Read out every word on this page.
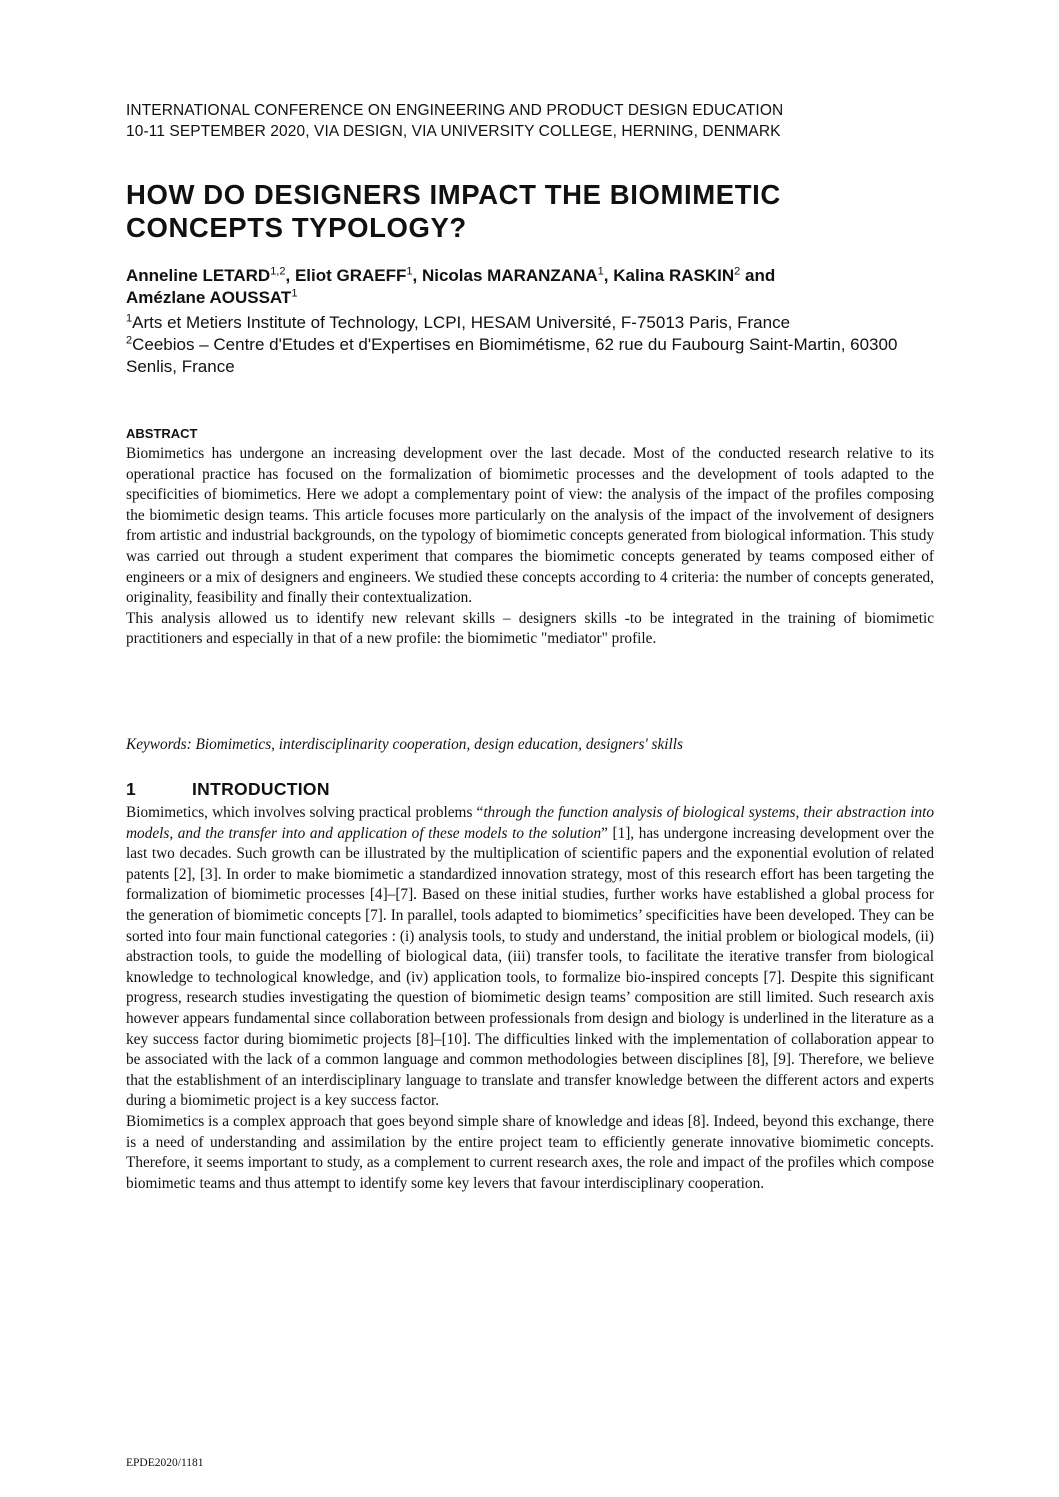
INTERNATIONAL CONFERENCE ON ENGINEERING AND PRODUCT DESIGN EDUCATION
10-11 SEPTEMBER 2020, VIA DESIGN, VIA UNIVERSITY COLLEGE, HERNING, DENMARK
HOW DO DESIGNERS IMPACT THE BIOMIMETIC
CONCEPTS TYPOLOGY?
Anneline LETARD$^{1,2}$, Eliot GRAEFF$^1$, Nicolas MARANZANA$^1$, Kalina RASKIN$^2$ and
Amézlane AOUSSAT$^1$
$^1$Arts et Metiers Institute of Technology, LCPI, HESAM Université, F-75013 Paris, France
$^2$Ceebios – Centre d'Etudes et d'Expertises en Biomimétisme, 62 rue du Faubourg Saint-Martin, 60300 Senlis, France
ABSTRACT

Biomimetics has undergone an increasing development over the last decade. Most of the conducted research relative to its operational practice has focused on the formalization of biomimetic processes and the development of tools adapted to the specificities of biomimetics. Here we adopt a complementary point of view: the analysis of the impact of the profiles composing the biomimetic design teams. This article focuses more particularly on the analysis of the impact of the involvement of designers from artistic and industrial backgrounds, on the typology of biomimetic concepts generated from biological information. This study was carried out through a student experiment that compares the biomimetic concepts generated by teams composed either of engineers or a mix of designers and engineers. We studied these concepts according to 4 criteria: the number of concepts generated, originality, feasibility and finally their contextualization.

This analysis allowed us to identify new relevant skills – designers skills -to be integrated in the training of biomimetic practitioners and especially in that of a new profile: the biomimetic "mediator" profile.

Keywords: Biomimetics, interdisciplinarity cooperation, design education, designers' skills
1	INTRODUCTION

Biomimetics, which involves solving practical problems “through the function analysis of biological systems, their abstraction into models, and the transfer into and application of these models to the solution” [1], has undergone increasing development over the last two decades. Such growth can be illustrated by the multiplication of scientific papers and the exponential evolution of related patents [2], [3]. In order to make biomimetic a standardized innovation strategy, most of this research effort has been targeting the formalization of biomimetic processes [4]–[7]. Based on these initial studies, further works have established a global process for the generation of biomimetic concepts [7]. In parallel, tools adapted to biomimetics’ specificities have been developed. They can be sorted into four main functional categories : (i) analysis tools, to study and understand, the initial problem or biological models, (ii) abstraction tools, to guide the modelling of biological data, (iii) transfer tools, to facilitate the iterative transfer from biological knowledge to technological knowledge, and (iv) application tools, to formalize bio-inspired concepts [7]. Despite this significant progress, research studies investigating the question of biomimetic design teams’ composition are still limited. Such research axis however appears fundamental since collaboration between professionals from design and biology is underlined in the literature as a key success factor during biomimetic projects [8]–[10]. The difficulties linked with the implementation of collaboration appear to be associated with the lack of a common language and common methodologies between disciplines [8], [9]. Therefore, we believe that the establishment of an interdisciplinary language to translate and transfer knowledge between the different actors and experts during a biomimetic project is a key success factor.

Biomimetics is a complex approach that goes beyond simple share of knowledge and ideas [8]. Indeed, beyond this exchange, there is a need of understanding and assimilation by the entire project team to efficiently generate innovative biomimetic concepts. Therefore, it seems important to study, as a complement to current research axes, the role and impact of the profiles which compose biomimetic teams and thus attempt to identify some key levers that favour interdisciplinary cooperation.

EPDE2020/1181
